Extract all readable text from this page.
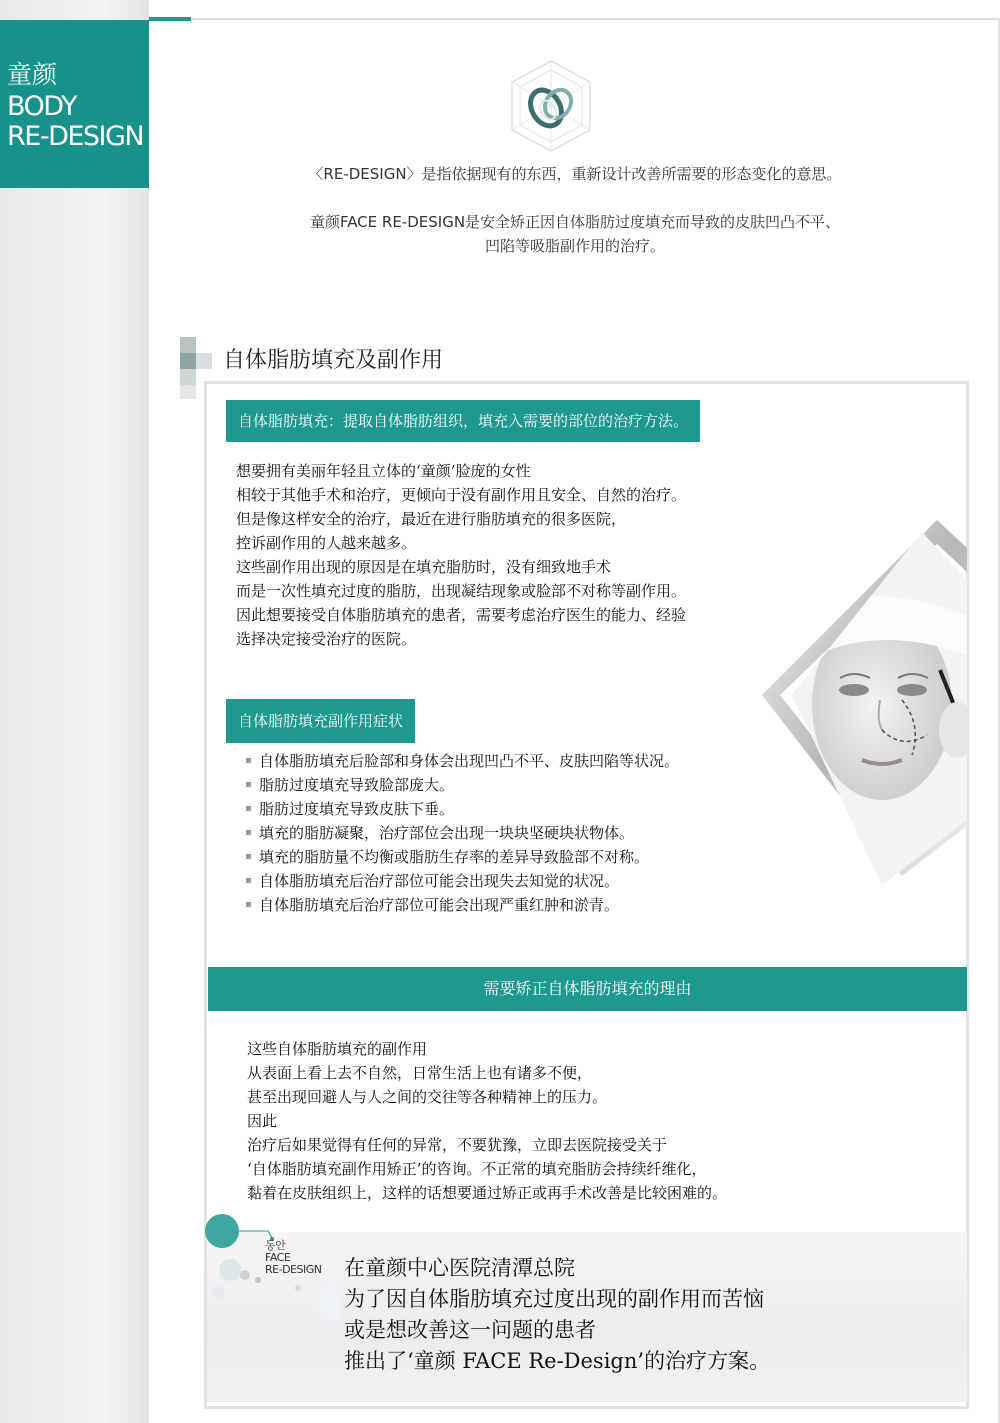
童颜
BODY
RE-DESIGN
〈RE-DESIGN〉是指依据现有的东西，重新设计改善所需要的形态变化的意思。
童颜FACE RE-DESIGN是安全矫正因自体脂肪过度填充而导致的皮肤凹凸不平、
凹陷等吸脂副作用的治疗。
自体脂肪填充及副作用
自体脂肪填充：提取自体脂肪组织，填充入需要的部位的治疗方法。
想要拥有美丽年轻且立体的‘童颜’脸庞的女性
相较于其他手术和治疗，更倾向于没有副作用且安全、自然的治疗。
但是像这样安全的治疗，最近在进行脂肪填充的很多医院，
控诉副作用的人越来越多。
这些副作用出现的原因是在填充脂肪时，没有细致地手术
而是一次性填充过度的脂肪，出现凝结现象或脸部不对称等副作用。
因此想要接受自体脂肪填充的患者，需要考虑治疗医生的能力、经验
选择决定接受治疗的医院。
自体脂肪填充副作用症状
自体脂肪填充后脸部和身体会出现凹凸不平、皮肤凹陷等状况。
脂肪过度填充导致脸部庞大。
脂肪过度填充导致皮肤下垂。
填充的脂肪凝聚，治疗部位会出现一块块坚硬块状物体。
填充的脂肪量不均衡或脂肪生存率的差异导致脸部不对称。
自体脂肪填充后治疗部位可能会出现失去知觉的状况。
自体脂肪填充后治疗部位可能会出现严重红肿和淤青。
需要矫正自体脂肪填充的理由
这些自体脂肪填充的副作用
从表面上看上去不自然，日常生活上也有诸多不便，
甚至出现回避人与人之间的交往等各种精神上的压力。
因此
治疗后如果觉得有任何的异常，不要犹豫，立即去医院接受关于
‘自体脂肪填充副作用矫正’的咨询。不正常的填充脂肪会持续纤维化，
黏着在皮肤组织上，这样的话想要通过矫正或再手术改善是比较困难的。
동안
FACE
RE-DESIGN 在童颜中心医院清潭总院
为了因自体脂肪填充过度出现的副作用而苦恼
或是想改善这一问题的患者
推出了‘童颜 FACE Re-Design’的治疗方案。
